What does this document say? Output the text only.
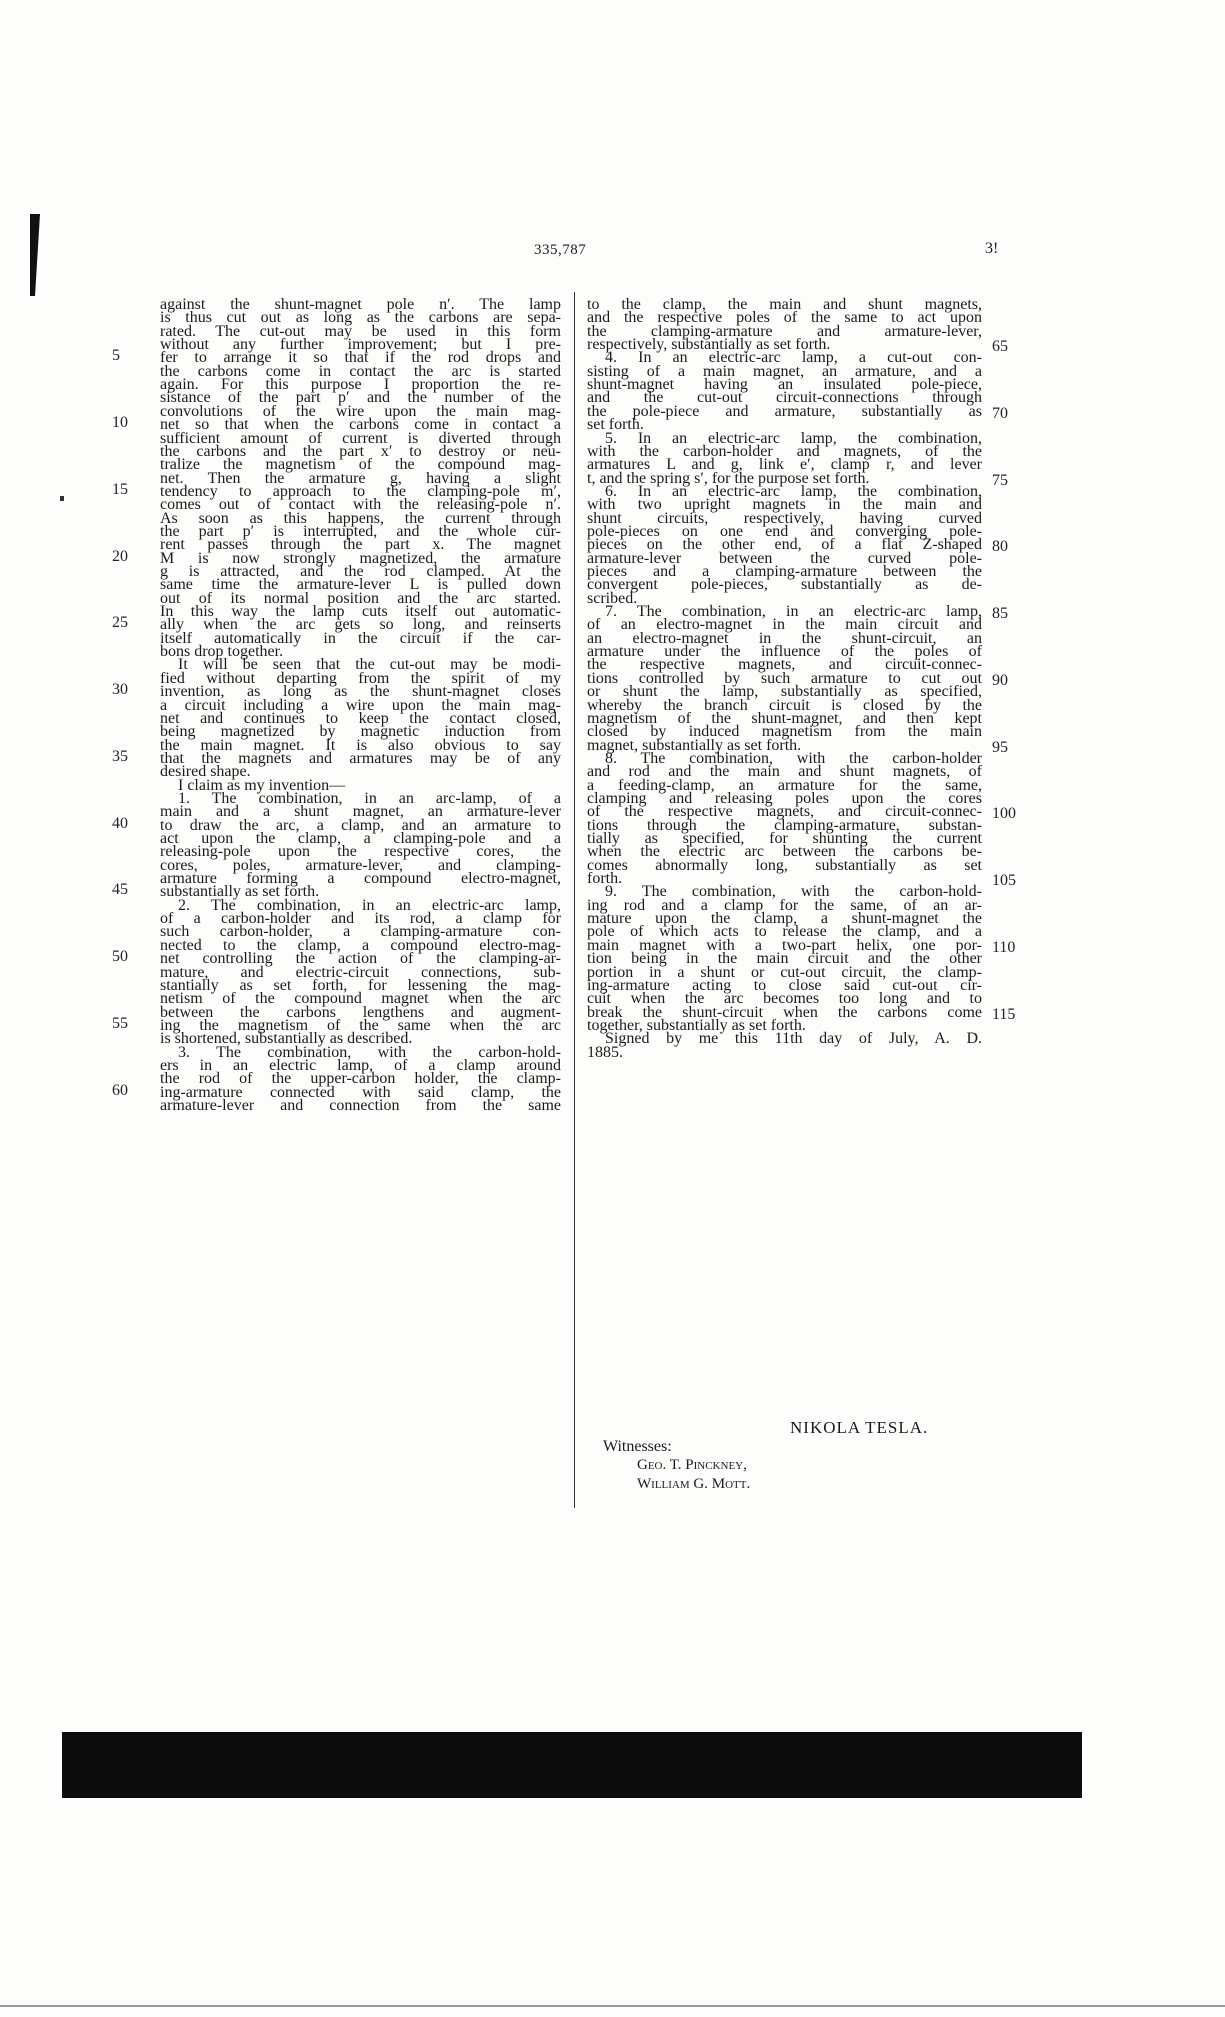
335,787	3!
against the shunt-magnet pole n′. The lamp
is thus cut out as long as the carbons are sepa-
rated. The cut-out may be used in this form
without any further improvement; but I pre-
fer to arrange it so that if the rod drops and
the carbons come in contact the arc is started
again. For this purpose I proportion the re-
sistance of the part p′ and the number of the
convolutions of the wire upon the main mag-
net so that when the carbons come in contact a
sufficient amount of current is diverted through
the carbons and the part x′ to destroy or neu-
tralize the magnetism of the compound mag-
net. Then the armature g, having a slight
tendency to approach to the clamping-pole m′,
comes out of contact with the releasing-pole n′.
As soon as this happens, the current through
the part p′ is interrupted, and the whole cur-
rent passes through the part x. The magnet
M is now strongly magnetized, the armature
g is attracted, and the rod clamped. At the
same time the armature-lever L is pulled down
out of its normal position and the arc started.
In this way the lamp cuts itself out automatic-
ally when the arc gets so long, and reinserts
itself automatically in the circuit if the car-
bons drop together.
It will be seen that the cut-out may be modi-
fied without departing from the spirit of my
invention, as long as the shunt-magnet closes
a circuit including a wire upon the main mag-
net and continues to keep the contact closed,
being magnetized by magnetic induction from
the main magnet. It is also obvious to say
that the magnets and armatures may be of any
desired shape.
I claim as my invention—
1. The combination, in an arc-lamp, of a
main and a shunt magnet, an armature-lever
to draw the arc, a clamp, and an armature to
act upon the clamp, a clamping-pole and a
releasing-pole upon the respective cores, the
cores, poles, armature-lever, and clamping-
armature forming a compound electro-magnet,
substantially as set forth.
2. The combination, in an electric-arc lamp,
of a carbon-holder and its rod, a clamp for
such carbon-holder, a clamping-armature con-
nected to the clamp, a compound electro-mag-
net controlling the action of the clamping-ar-
mature, and electric-circuit connections, sub-
stantially as set forth, for lessening the mag-
netism of the compound magnet when the arc
between the carbons lengthens and augment-
ing the magnetism of the same when the arc
is shortened, substantially as described.
3. The combination, with the carbon-hold-
ers in an electric lamp, of a clamp around
the rod of the upper-carbon holder, the clamp-
ing-armature connected with said clamp, the
armature-lever and connection from the same
to the clamp, the main and shunt magnets,
and the respective poles of the same to act upon
the clamping-armature and armature-lever,
respectively, substantially as set forth.
4. In an electric-arc lamp, a cut-out con-
sisting of a main magnet, an armature, and a
shunt-magnet having an insulated pole-piece,
and the cut-out circuit-connections through
the pole-piece and armature, substantially as
set forth.
5. In an electric-arc lamp, the combination,
with the carbon-holder and magnets, of the
armatures L and g, link e′, clamp r, and lever
t, and the spring s′, for the purpose set forth.
6. In an electric-arc lamp, the combination,
with two upright magnets in the main and
shunt circuits, respectively, having curved
pole-pieces on one end and converging pole-
pieces on the other end, of a flat Z-shaped
armature-lever between the curved pole-
pieces and a clamping-armature between the
convergent pole-pieces, substantially as de-
scribed.
7. The combination, in an electric-arc lamp,
of an electro-magnet in the main circuit and
an electro-magnet in the shunt-circuit, an
armature under the influence of the poles of
the respective magnets, and circuit-connec-
tions controlled by such armature to cut out
or shunt the lamp, substantially as specified,
whereby the branch circuit is closed by the
magnetism of the shunt-magnet, and then kept
closed by induced magnetism from the main
magnet, substantially as set forth.
8. The combination, with the carbon-holder
and rod and the main and shunt magnets, of
a feeding-clamp, an armature for the same,
clamping and releasing poles upon the cores
of the respective magnets, and circuit-connec-
tions through the clamping-armature, substan-
tially as specified, for shunting the current
when the electric arc between the carbons be-
comes abnormally long, substantially as set
forth.
9. The combination, with the carbon-hold-
ing rod and a clamp for the same, of an ar-
mature upon the clamp, a shunt-magnet the
pole of which acts to release the clamp, and a
main magnet with a two-part helix, one por-
tion being in the main circuit and the other
portion in a shunt or cut-out circuit, the clamp-
ing-armature acting to close said cut-out cir-
cuit when the arc becomes too long and to
break the shunt-circuit when the carbons come
together, substantially as set forth.
Signed by me this 11th day of July, A. D.
1885.
5
10
15
20
25
30
35
40
45
50
55
60
65
70
75
80
85
90
95
100
105
110
115
NIKOLA TESLA.
Witnesses:
Geo. T. Pinckney,
William G. Mott.
